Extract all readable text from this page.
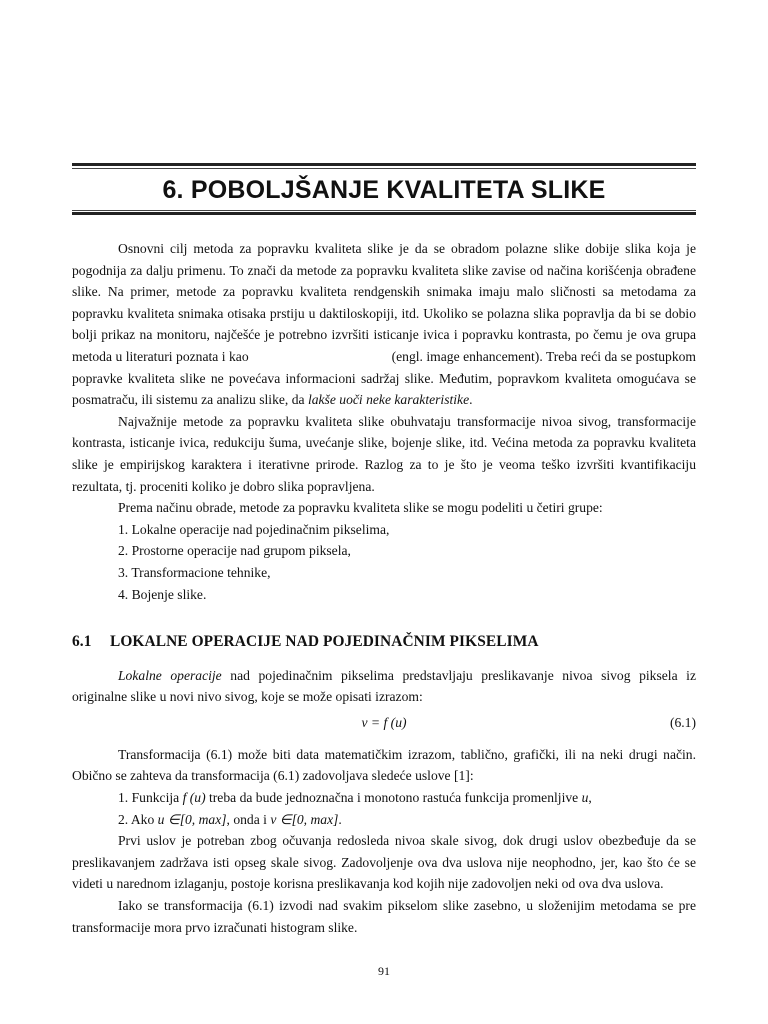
6. POBOLJŠANJE KVALITETA SLIKE

Osnovni cilj metoda za popravku kvaliteta slike je da se obradom polazne slike dobije slika koja je pogodnija za dalju primenu. To znači da metode za popravku kvaliteta slike zavise od načina korišćenja obrađene slike. Na primer, metode za popravku kvaliteta rendgenskih snimaka imaju malo sličnosti sa metodama za popravku kvaliteta snimaka otisaka prstiju u daktiloskopiji, itd. Ukoliko se polazna slika popravlja da bi se dobio bolji prikaz na monitoru, najčešće je potrebno izvršiti isticanje ivica i popravku kontrasta, po čemu je ova grupa metoda u literaturi poznata i kao	(engl. image enhancement). Treba reći da se postupkom popravke kvaliteta slike ne povećava informacioni sadržaj slike. Međutim, popravkom kvaliteta omogućava se posmatraču, ili sistemu za analizu slike, da lakše uoči neke karakteristike.

Najvažnije metode za popravku kvaliteta slike obuhvataju transformacije nivoa sivog, transformacije kontrasta, isticanje ivica, redukciju šuma, uvećanje slike, bojenje slike, itd. Većina metoda za popravku kvaliteta slike je empirijskog karaktera i iterativne prirode. Razlog za to je što je veoma teško izvršiti kvantifikaciju rezultata, tj. proceniti koliko je dobro slika popravljena.

Prema načinu obrade, metode za popravku kvaliteta slike se mogu podeliti u četiri grupe:

1. Lokalne operacije nad pojedinačnim pikselima,

2. Prostorne operacije nad grupom piksela,

3. Transformacione tehnike,

4. Bojenje slike.

6.1 LOKALNE OPERACIJE NAD POJEDINAČNIM PIKSELIMA

Lokalne operacije nad pojedinačnim pikselima predstavljaju preslikavanje nivoa sivog piksela iz originalne slike u novi nivo sivog, koje se može opisati izrazom:

v = f (u)	(6.1)

Transformacija (6.1) može biti data matematičkim izrazom, tablično, grafički, ili na neki drugi način. Obično se zahteva da transformacija (6.1) zadovoljava sledeće uslove [1]:

1. Funkcija f (u) treba da bude jednoznačna i monotono rastuća funkcija promenljive u,

2. Ako u ∈[0, max], onda i v ∈[0, max].

Prvi uslov je potreban zbog očuvanja redosleda nivoa skale sivog, dok drugi uslov obezbeđuje da se preslikavanjem zadržava isti opseg skale sivog. Zadovoljenje ova dva uslova nije neophodno, jer, kao što će se videti u narednom izlaganju, postoje korisna preslikavanja kod kojih nije zadovoljen neki od ova dva uslova.

Iako se transformacija (6.1) izvodi nad svakim pikselom slike zasebno, u složenijim metodama se pre transformacije mora prvo izračunati histogram slike.

91
